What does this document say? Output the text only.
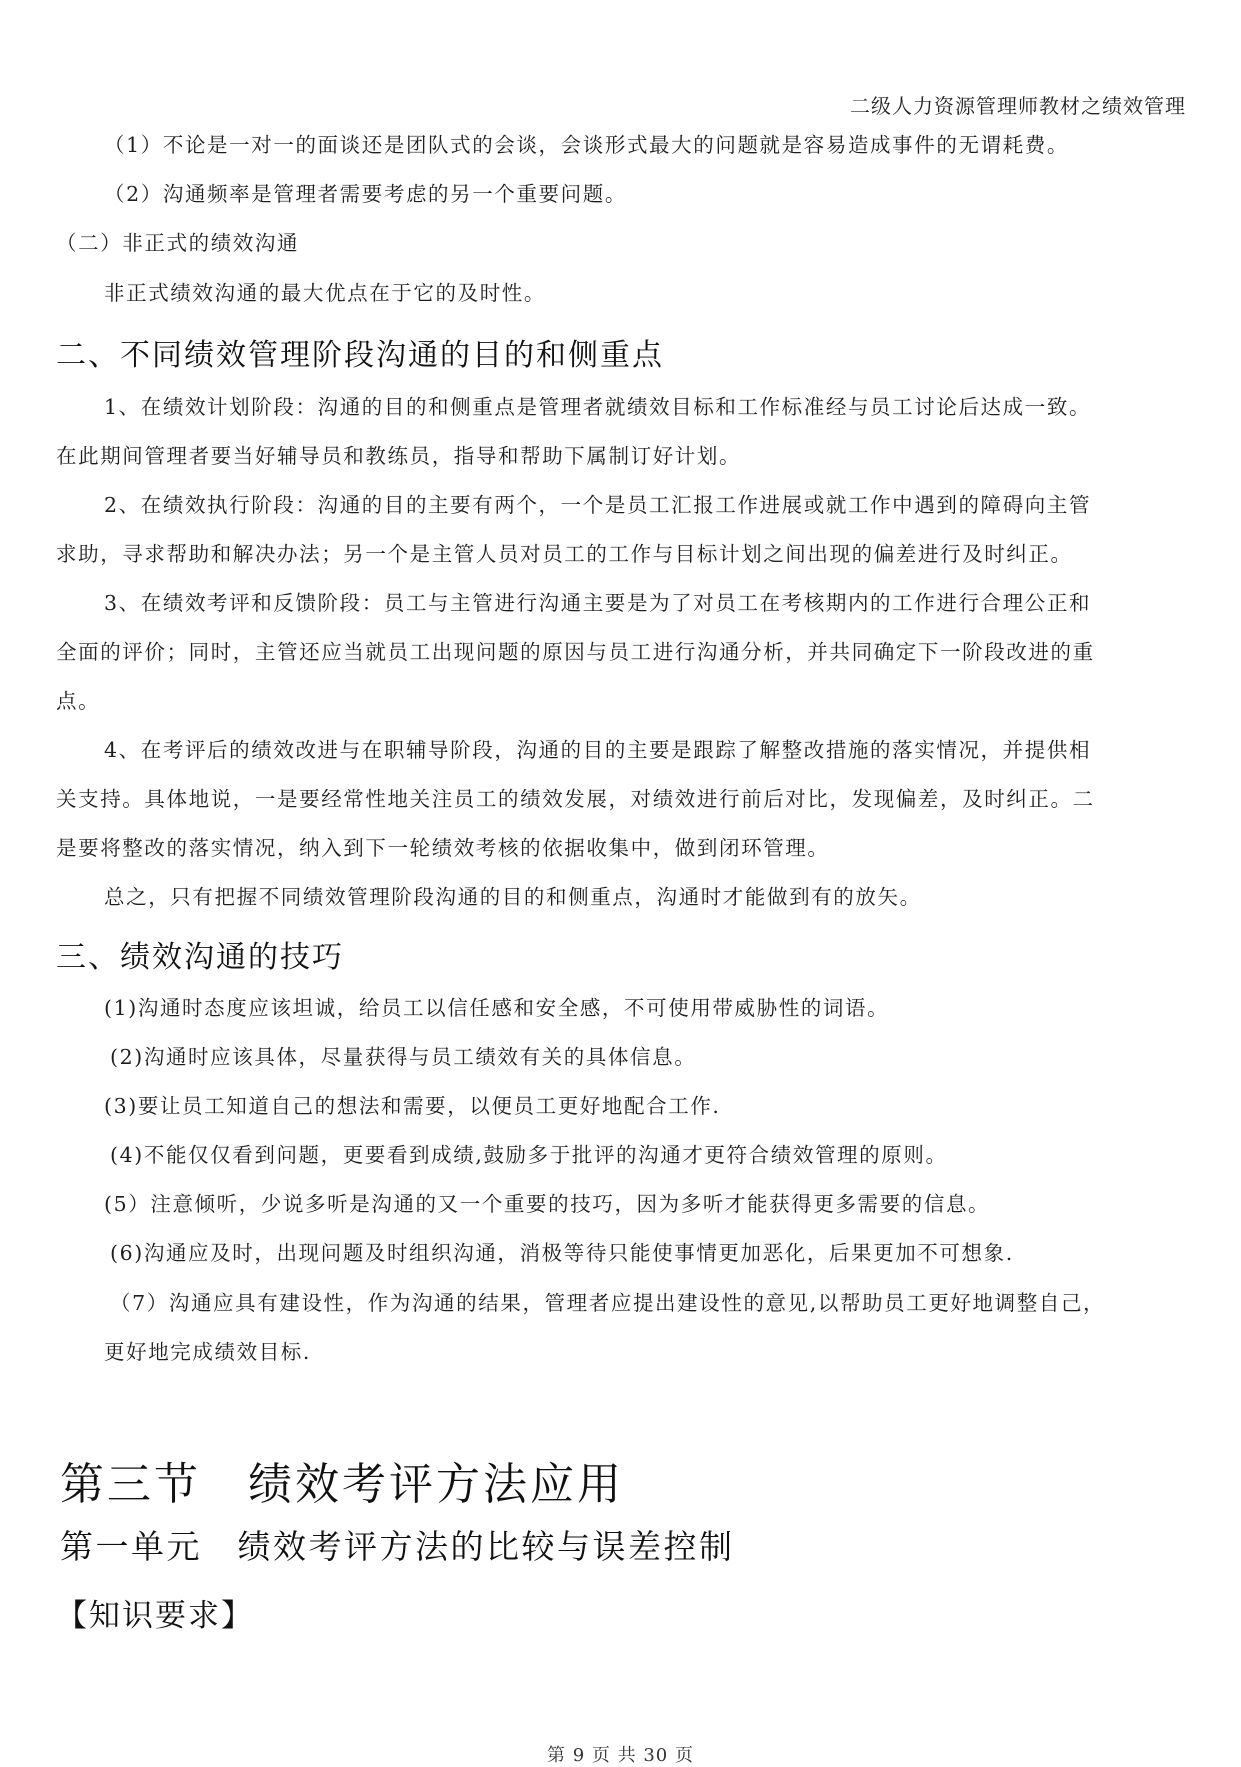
二级人力资源管理师教材之绩效管理
（1）不论是一对一的面谈还是团队式的会谈，会谈形式最大的问题就是容易造成事件的无谓耗费。
（2）沟通频率是管理者需要考虑的另一个重要问题。
（二）非正式的绩效沟通
非正式绩效沟通的最大优点在于它的及时性。
二、不同绩效管理阶段沟通的目的和侧重点
1、在绩效计划阶段：沟通的目的和侧重点是管理者就绩效目标和工作标准经与员工讨论后达成一致。
在此期间管理者要当好辅导员和教练员，指导和帮助下属制订好计划。
2、在绩效执行阶段：沟通的目的主要有两个，一个是员工汇报工作进展或就工作中遇到的障碍向主管
求助，寻求帮助和解决办法；另一个是主管人员对员工的工作与目标计划之间出现的偏差进行及时纠正。
3、在绩效考评和反馈阶段：员工与主管进行沟通主要是为了对员工在考核期内的工作进行合理公正和
全面的评价；同时，主管还应当就员工出现问题的原因与员工进行沟通分析，并共同确定下一阶段改进的重
点。
4、在考评后的绩效改进与在职辅导阶段，沟通的目的主要是跟踪了解整改措施的落实情况，并提供相
关支持。具体地说，一是要经常性地关注员工的绩效发展，对绩效进行前后对比，发现偏差，及时纠正。二
是要将整改的落实情况，纳入到下一轮绩效考核的依据收集中，做到闭环管理。
总之，只有把握不同绩效管理阶段沟通的目的和侧重点，沟通时才能做到有的放矢。
三、绩效沟通的技巧
(1)沟通时态度应该坦诚，给员工以信任感和安全感，不可使用带威胁性的词语。
(2)沟通时应该具体，尽量获得与员工绩效有关的具体信息。
(3)要让员工知道自己的想法和需要，以便员工更好地配合工作.
(4)不能仅仅看到问题，更要看到成绩,鼓励多于批评的沟通才更符合绩效管理的原则。
(5）注意倾听，少说多听是沟通的又一个重要的技巧，因为多听才能获得更多需要的信息。
(6)沟通应及时，出现问题及时组织沟通，消极等待只能使事情更加恶化，后果更加不可想象.
（7）沟通应具有建设性，作为沟通的结果，管理者应提出建设性的意见,以帮助员工更好地调整自己，
更好地完成绩效目标.
第三节　绩效考评方法应用
第一单元　绩效考评方法的比较与误差控制
【知识要求】
第 9 页 共 30 页
